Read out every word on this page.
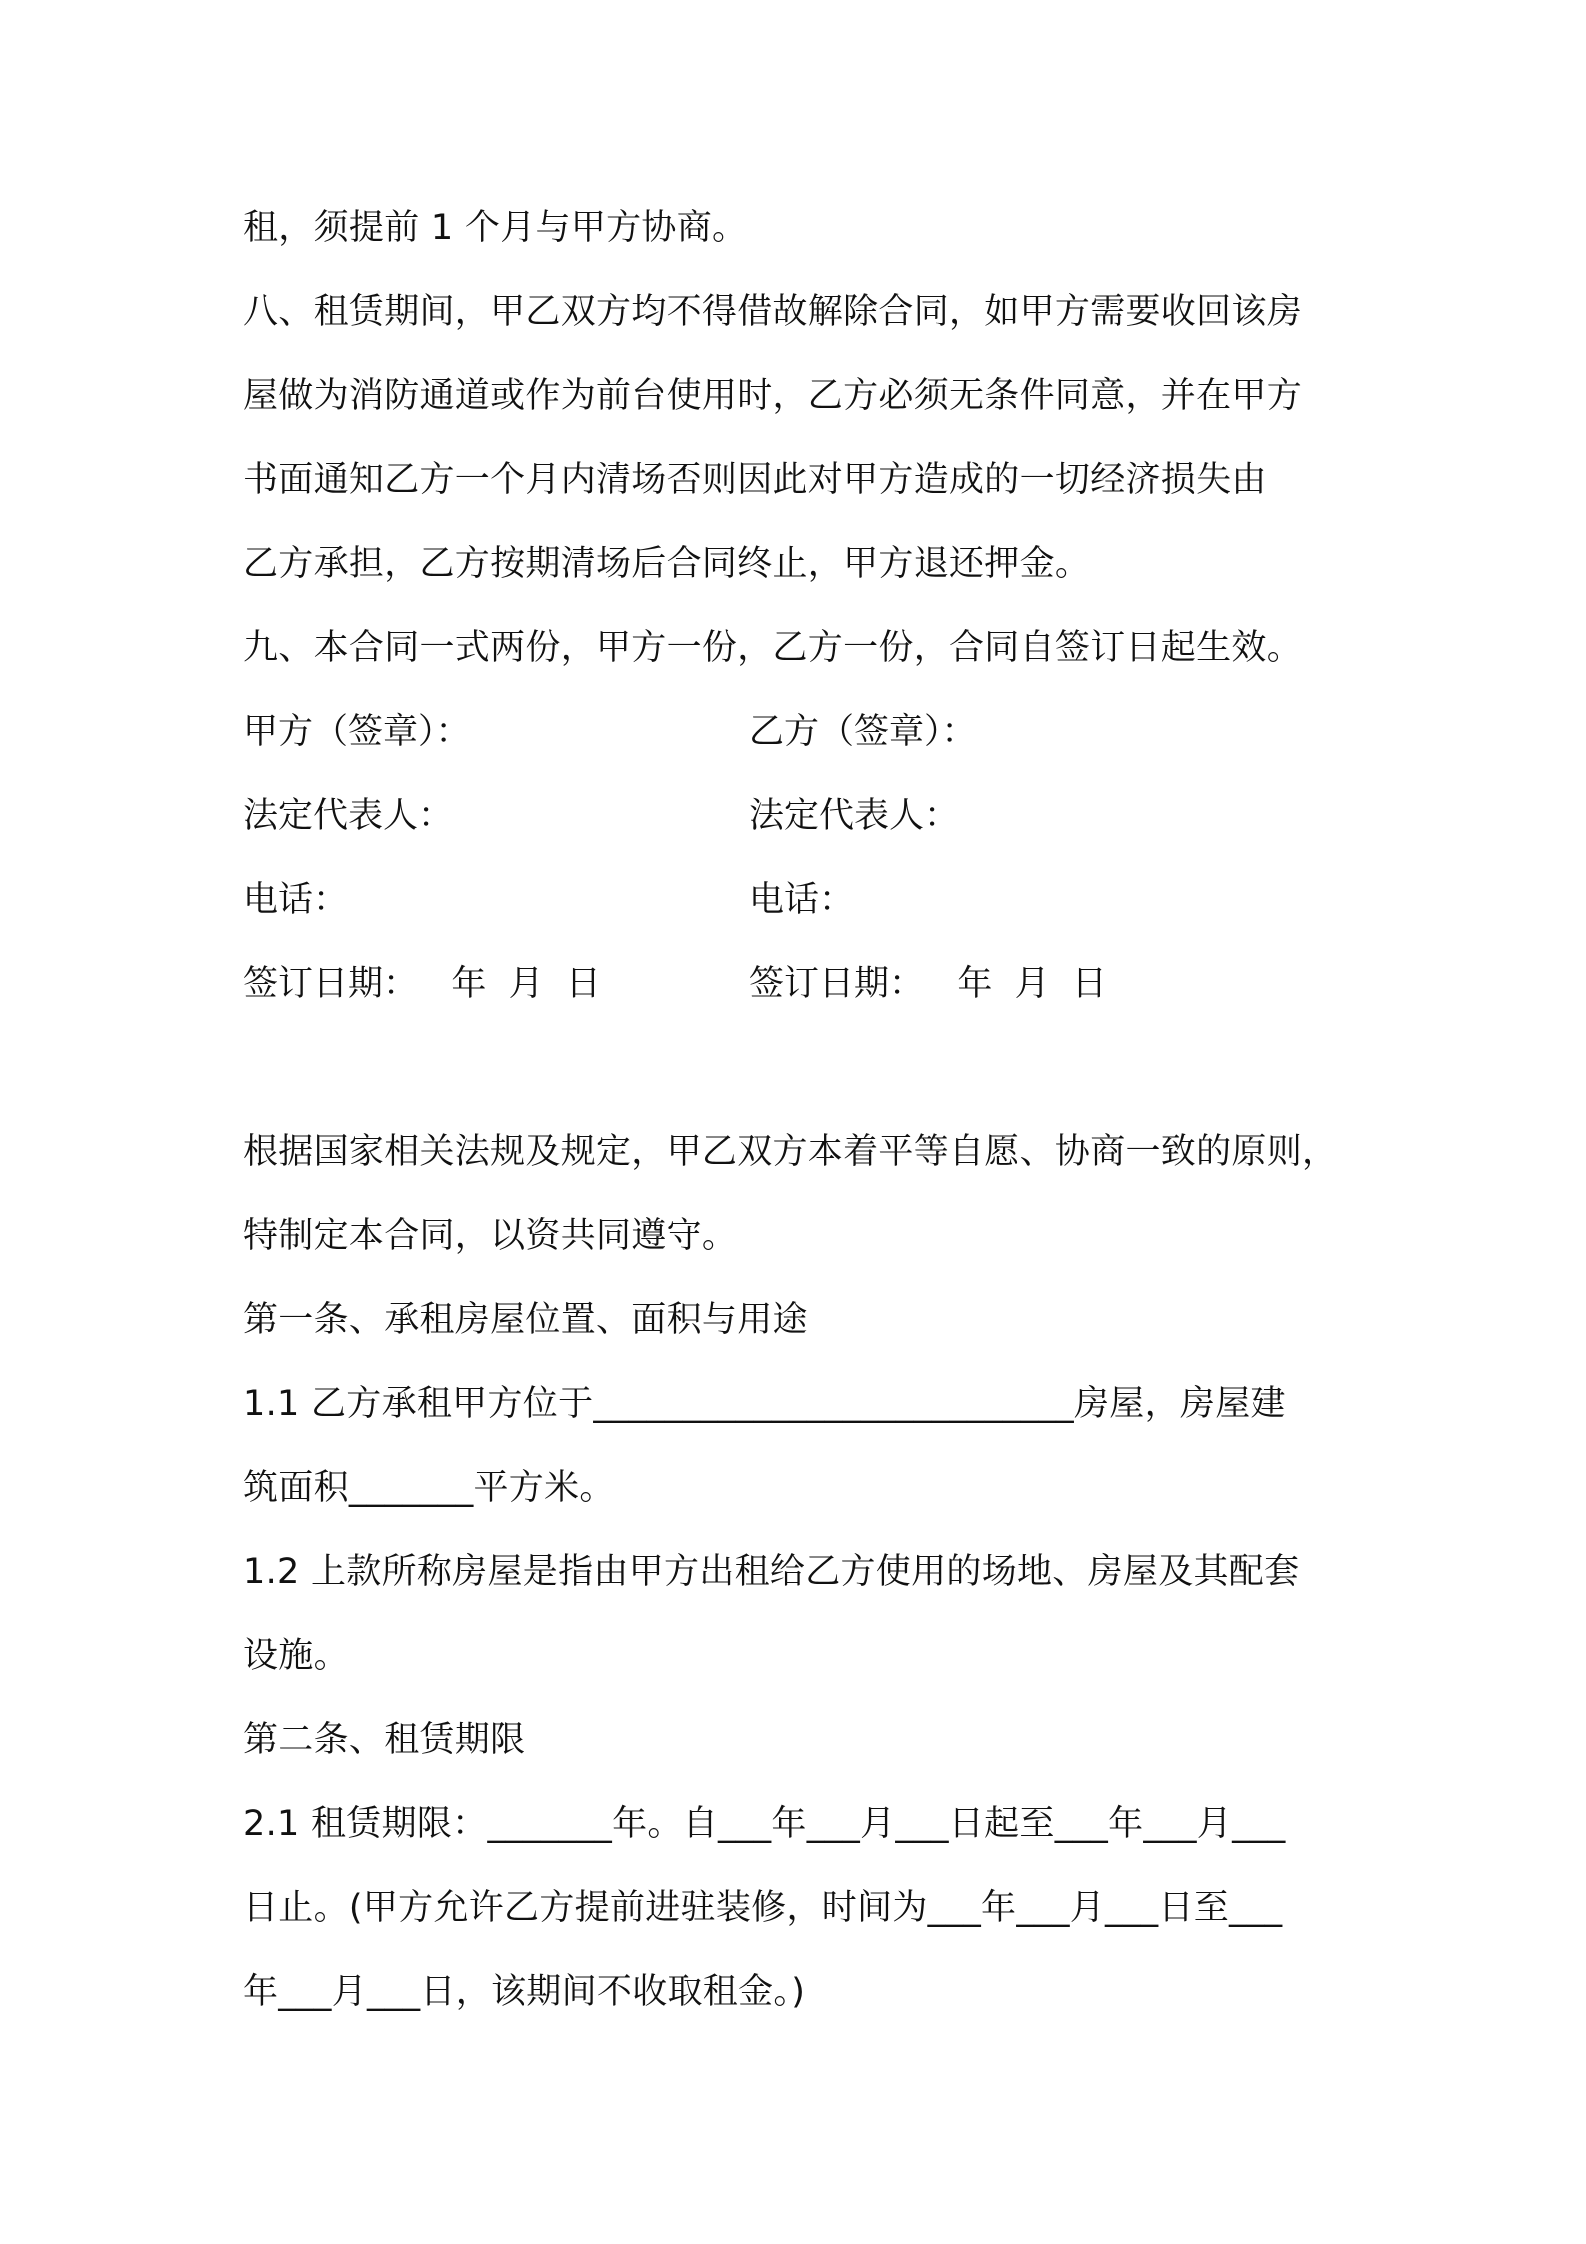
租，须提前 1 个月与甲方协商。
八、租赁期间，甲乙双方均不得借故解除合同，如甲方需要收回该房
屋做为消防通道或作为前台使用时，乙方必须无条件同意，并在甲方
书面通知乙方一个月内清场否则因此对甲方造成的一切经济损失由
乙方承担，乙方按期清场后合同终止，甲方退还押金。
九、本合同一式两份，甲方一份，乙方一份，合同自签订日起生效。
甲方（签章）：	乙方（签章）：
法定代表人：	法定代表人：
电话：	电话：
签订日期：   年  月  日	签订日期：   年  月  日
根据国家相关法规及规定，甲乙双方本着平等自愿、协商一致的原则，
特制定本合同，以资共同遵守。
第一条、承租房屋位置、面积与用途
1.1 乙方承租甲方位于___________________________房屋，房屋建
筑面积_______平方米。
1.2 上款所称房屋是指由甲方出租给乙方使用的场地、房屋及其配套
设施。
第二条、租赁期限
2.1 租赁期限：_______年。自___年___月___日起至___年___月___
日止。(甲方允许乙方提前进驻装修，时间为___年___月___日至___
年___月___日，该期间不收取租金。)
